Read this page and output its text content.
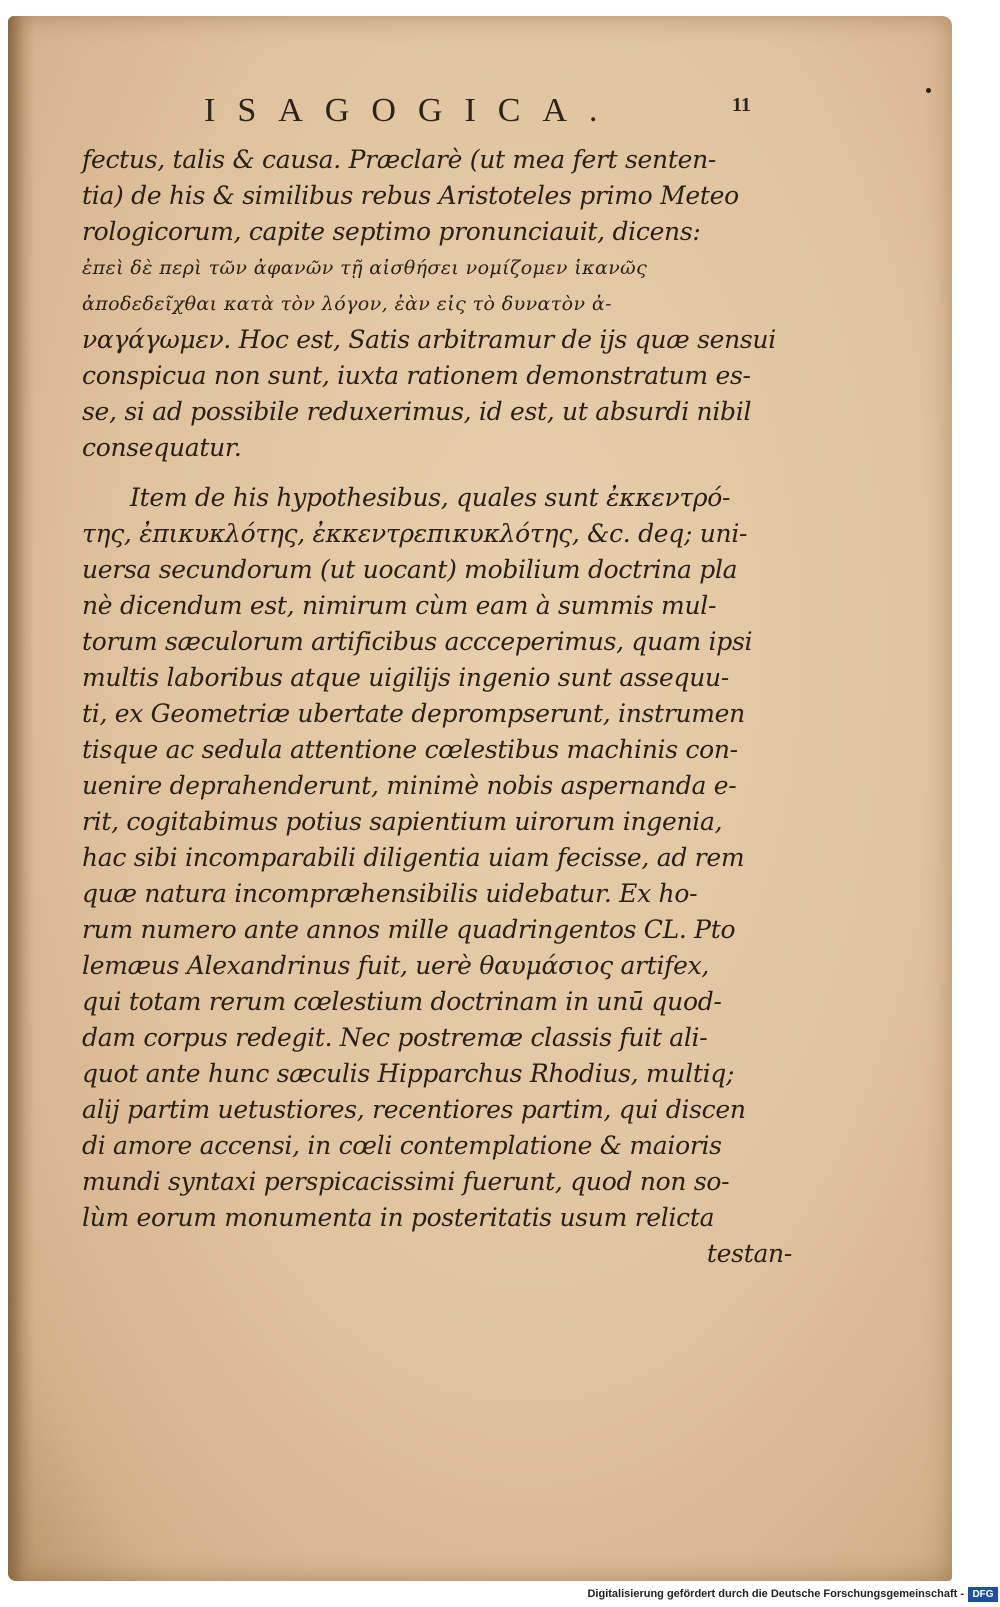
ISAGOGICA.	11
fectus, talis & causa. Præclarè (ut mea fert senten-
tia) de his & similibus rebus Aristoteles primo Meteo
rologicorum, capite septimo pronunciauit, dicens:
ἐπεὶ δὲ περὶ τῶν ἀφανῶν τῇ αἰσθήσει νομίζομεν ἱκανῶς
ἀποδεδεῖχθαι κατὰ τὸν λόγον, ἐὰν εἰς τὸ δυνατὸν ἀ-
ναγάγωμεν. Hoc est, Satis arbitramur de ijs quæ sensui
conspicua non sunt, iuxta rationem demonstratum es-
se, si ad possibile reduxerimus, id est, ut absurdi nibil
consequatur.
Item de his hypothesibus, quales sunt ἐκκεντρό-
της, ἐπικυκλότης, ἐκκεντρεπικυκλότης, &c. deq; uni-
uersa secundorum (ut uocant) mobilium doctrina pla
nè dicendum est, nimirum cùm eam à summis mul-
torum sæculorum artificibus accceperimus, quam ipsi
multis laboribus atque uigilijs ingenio sunt assequu-
ti, ex Geometriæ ubertate deprompserunt, instrumen
tisque ac sedula attentione cœlestibus machinis con-
uenire deprahenderunt, minimè nobis aspernanda e-
rit, cogitabimus potius sapientium uirorum ingenia,
hac sibi incomparabili diligentia uiam fecisse, ad rem
quæ natura incompræhensibilis uidebatur. Ex ho-
rum numero ante annos mille quadringentos CL. Pto
lemæus Alexandrinus fuit, uerè θαυμάσιος artifex,
qui totam rerum cœlestium doctrinam in unū quod-
dam corpus redegit. Nec postremæ classis fuit ali-
quot ante hunc sæculis Hipparchus Rhodius, multiq;
alij partim uetustiores, recentiores partim, qui discen
di amore accensi, in cœli contemplatione & maioris
mundi syntaxi perspicacissimi fuerunt, quod non so-
lùm eorum monumenta in posteritatis usum relicta
testan-
Digitalisierung gefördert durch die Deutsche Forschungsgemeinschaft - DFG
